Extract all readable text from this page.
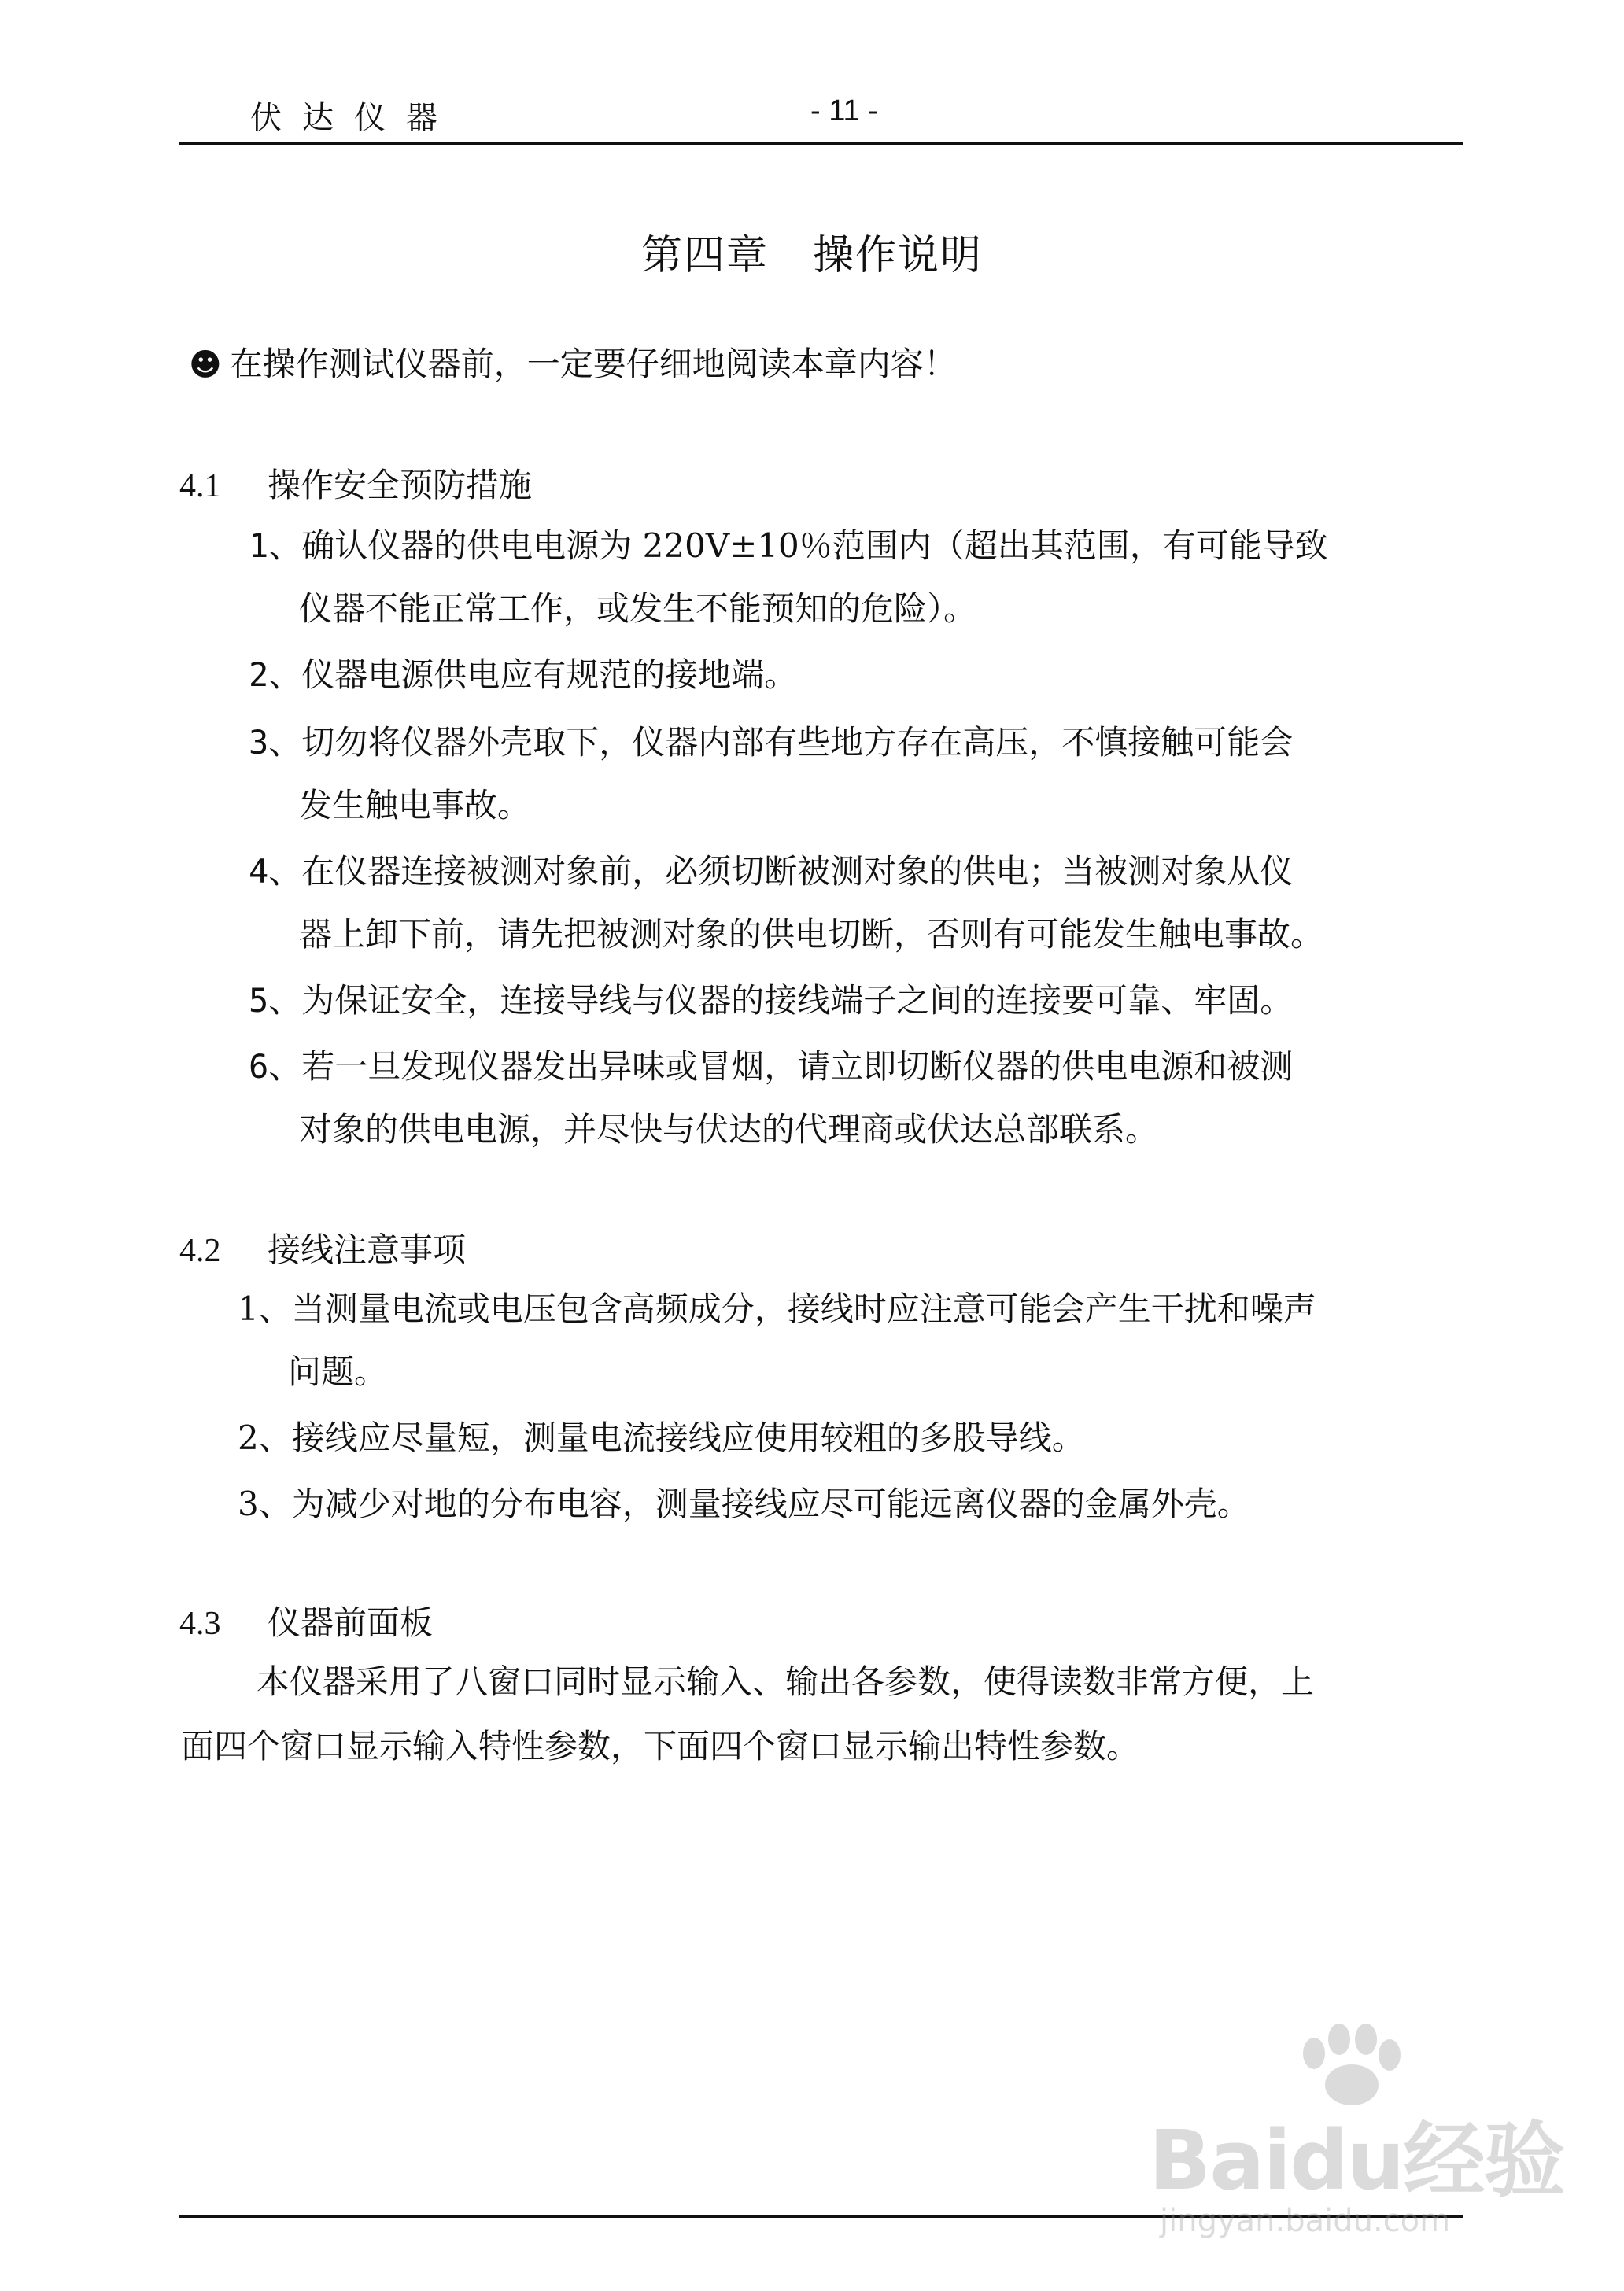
伏达仪器	- 11 -
第四章 操作说明
☻ 在操作测试仪器前，一定要仔细地阅读本章内容！
4.1 操作安全预防措施
1、确认仪器的供电电源为 220V±10％范围内（超出其范围，有可能导致
仪器不能正常工作，或发生不能预知的危险）。
2、仪器电源供电应有规范的接地端。
3、切勿将仪器外壳取下，仪器内部有些地方存在高压，不慎接触可能会
发生触电事故。
4、在仪器连接被测对象前，必须切断被测对象的供电；当被测对象从仪
器上卸下前，请先把被测对象的供电切断，否则有可能发生触电事故。
5、为保证安全，连接导线与仪器的接线端子之间的连接要可靠、牢固。
6、若一旦发现仪器发出异味或冒烟，请立即切断仪器的供电电源和被测
对象的供电电源，并尽快与伏达的代理商或伏达总部联系。
4.2 接线注意事项
1、当测量电流或电压包含高频成分，接线时应注意可能会产生干扰和噪声
问题。
2、接线应尽量短，测量电流接线应使用较粗的多股导线。
3、为减少对地的分布电容，测量接线应尽可能远离仪器的金属外壳。
4.3 仪器前面板
本仪器采用了八窗口同时显示输入、输出各参数，使得读数非常方便，上
面四个窗口显示输入特性参数，下面四个窗口显示输出特性参数。
Baidu经验
jingyan.baidu.com
